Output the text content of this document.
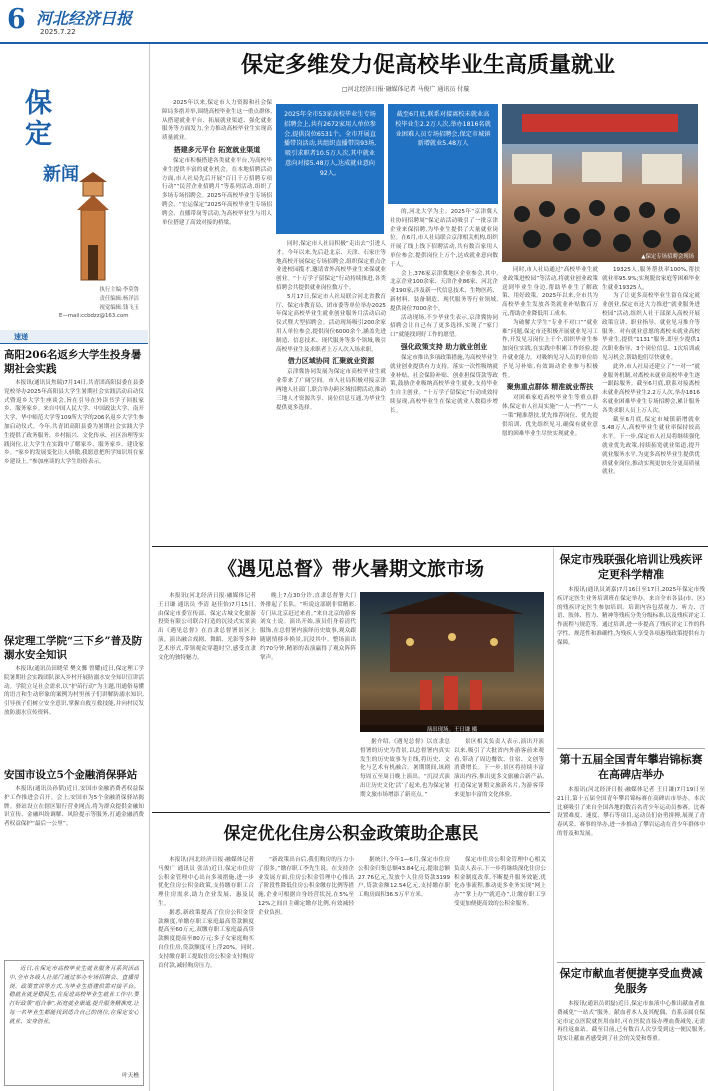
6 河北经济日报
2025.7.22
保
定
新闻
执行主编:李莫鲁
责任编辑:杨洋洁
视觉编辑:钱飞玉
E—mail:ccbdzz@163.com
速递
高阳206名返乡大学生投身暑期社会实践
本报讯(通讯员焦瑞)7月14日,共青团高阳县委在县委党校举办2025年高阳县大学生暑期社会实践活动启动仪式暨返乡大学生座谈会,旨在引导在外读书学子回报家乡、服务家乡。来自中国人民大学、中国政法大学、南开大学、华中师范大学等109所大学的206名返乡大学生参加启动仪式。今年,共青团高阳县委为暑期社会实践大学生提供了政务服务、乡村振兴、文化传承、社区治理等实践岗位,让大学生在实践中了解家乡、服务家乡、建设家乡。“家乡的发展变化让人骄傲,我愿意把所学知识用在家乡建设上。”参加座谈的大学生纷纷表示。
保定理工学院“三下乡”普及防溺水安全知识
本报讯(通讯员田晓荣 樊文馨 曾耀)近日,保定理工学院暑期社会实践团队深入乡村开展防溺水安全知识宣讲活动。学院立足社会需求,以“护苗行动”为主题,用通俗易懂的语言和生动形象的案例为村里孩子们讲解防溺水知识,引导孩子们树立安全意识,掌握自救互救技能,并向村民发放防溺水宣传资料。
安国市设立5个金融消保驿站
本报讯(通讯员孙韬)近日,安国市金融消费者权益保护工作推进会召开。会上,安国市为5个金融消保驿站揭牌。驿站设立在辖区银行营业网点,将为群众提供金融知识宣传、金融纠纷调解、风险提示等服务,打通金融消费者权益保护“最后一公里”。
近日,在保定市高校毕业生就业服务月系列活动中,全市各级人社部门通过举办专场招聘会、直播带岗、政策宣讲等方式,为毕业生搭建供需对接平台。稳就业就是稳民生,在促进高校毕业生就业工作中,要打好政策“组合拳”,拓宽就业渠道,提升服务精准度,让每一名毕业生都能找到适合自己的岗位,在保定安心就业、安身创业。
叶天樵
保定多维发力促高校毕业生高质量就业
□河北经济日报·融媒体记者 马俊广 通讯员 付璇

2025年以来,保定市人力资源和社会保障局多措并举,围绕高校毕业生这一重点群体,从搭建就业平台、拓展就业渠道、强化就业服务等方面发力,全力推动高校毕业生实现高质量就业。

搭建多元平台 拓宽就业渠道

保定市积极搭建各类就业平台,为高校毕业生提供丰富的就业机会。在本地招聘活动方面,市人社局先后开展“百日千万招聘专项行动”“民营企业招聘月”等系列活动,组织了多场专场招聘会。2025年高校毕业生专场招聘会、“宏运保定”2025年高校毕业生专场招聘会、直播带岗等活动,为高校毕业生与用人单位搭建了高效对接的桥梁。

2025年全市53家高校毕业生专场招聘会上,共有2672家用人单位参会,提供岗位6531个。全市开展直播带岗活动,共组织直播带岗93场,吸引求职者10.5万人次,其中就业意向对接5.48万人,达成就业意向92人。
截至6月底,联系对接离校未就业高校毕业生2.2万人次,举办1816名就业困难人员专场招聘会,保定市城镇新增就业5.48万人
▲保定专场招聘会现场

同时,保定市人社局积极“走出去”引进人才。今年以来,先后赴北京、天津、石家庄等地高校开展保定专场招聘会,组织保定重点企业进校园揽才,邀请省外高校毕业生来保就业创业。“十万学子留保定”行动持续推进,各类招聘会共提供就业岗位数万个。

5月17日,保定市人社局联合河北省教育厅、保定市教育局、团市委等单位举办2025年保定高校毕业生就业创业服务月活动启动仪式暨大型招聘会。活动现场吸引200余家用人单位参会,提供岗位6000余个,涵盖先进制造、信息技术、现代服务等多个领域,吸引高校毕业生及求职者上万人次入场求职。

借力区域协同 汇聚就业资源

京津冀协同发展为保定市高校毕业生就业带来了广阔空间。市人社局积极对接京津两地人社部门,联合举办跨区域招聘活动,推动三地人才资源共享、岗位信息互通,为毕业生提供更多选择。

的,河北大学为主。2025年“京津冀人社协同招聘周”保定站活动吸引了一批京津企业来保招聘,为毕业生提供了大量就业岗位。在6月,市人社局联合京津相关机构,组织开展了线上线下招聘活动,共有数百家用人单位参会,提供岗位上万个,达成就业意向数千人。

会上,376家京津冀地区企业参会,其中,北京企业100余家、天津企业86家、河北企业190家,涉及新一代信息技术、生物医药、新材料、装备制造、现代服务等行业领域,提供岗位7000余个。

活动现场,不少毕业生表示,京津冀协同招聘会让自己有了更多选择,实现了“家门口”就能找到好工作的愿望。

强化政策支持 助力就业创业

保定市推出多项政策措施,为高校毕业生就业创业提供有力支持。落实一次性吸纳就业补贴、社会保险补贴、创业担保贷款等政策,鼓励企业吸纳高校毕业生就业,支持毕业生自主创业。“十万学子留保定”行动成效持续显现,高校毕业生在保定就业人数稳步增长。

同时,市人社局通过“高校毕业生就业政策进校园”等活动,将就业创业政策送到毕业生身边,帮助毕业生了解政策、用好政策。2025年以来,全市共为高校毕业生发放各类就业补贴数百万元,帮助企业降低用工成本。

为破解大学生“专业不对口”“就业难”问题,保定市还积极开展就业见习工作,开发见习岗位上千个,组织毕业生参加岗位实践,在实践中积累工作经验,提升就业能力。对吸纳见习人员的单位给予见习补贴,有效调动企业参与积极性。

聚焦重点群体 精准就业帮扶

对困难家庭高校毕业生等重点群体,保定市人社局实施“一人一档”“一人一策”精准帮扶,优先推荐岗位、优先提供培训、优先组织见习,确保有就业意愿的困难毕业生尽快实现就业。

19325人,服务帮扶率100%,帮扶就业率95.9%;实现脱贫家庭等困难毕业生就业19325人。

为了让更多高校毕业生留在保定就业创业,保定市还大力推进“就业服务进校园”活动,组织人社干部深入高校开展政策宣讲、职业指导、就业见习推介等服务。对有就业意愿的离校未就业高校毕业生,提供“1131”服务,即至少提供1次职业指导、3个岗位信息、1次培训或见习机会,帮助他们尽快就业。

此外,市人社局还建立了“一对一”就业服务机制,对离校未就业高校毕业生逐一跟踪服务。截至6月底,联系对接离校未就业高校毕业生2.2万人次,举办1816名就业困难毕业生专场招聘会,累计服务各类求职人员上万人次。

截至6月底,保定市城镇新增就业5.48万人,高校毕业生就业率保持较高水平。下一步,保定市人社局将继续强化就业优先政策,持续拓宽就业渠道,提升就业服务水平,为更多高校毕业生提供优质就业岗位,推动实现更加充分更高质量就业。

《遇见总督》带火暑期文旅市场
本报讯(河北经济日报·融媒体记者 王日谦 通讯员 李清 赵佳怡)7月15日,由保定市委宣传部、保定古城文化旅游投资有限公司联合打造的沉浸式实景演出《遇见总督》在直隶总督署景区上演。演出融合戏剧、舞蹈、光影等多种艺术形式,带领观众穿越时空,感受直隶文化的独特魅力。
晚上7点30分许,直隶总督署大门外排起了长队。“听说这部剧非常精彩,专门从北京赶过来看。”来自北京的游客刘女士说。演出开始,演员们身着清代服饰,在总督署内演绎历史故事,观众跟随剧情移步换景,沉浸其中。整场演出约70分钟,精彩的表演赢得了观众阵阵掌声。
演出现场。王日谦 摄
据介绍,《遇见总督》以直隶总督署的历史为背景,以总督署内真实发生的历史故事为主线,将历史、文化与艺术有机融合。暑期期间,该剧每周五至周日晚上演出。“沉浸式演出让历史文化‘活’了起来,也为保定暑期文旅市场增添了新亮点。”
景区相关负责人表示,演出开演以来,吸引了大批省内外游客前来观看,带动了周边餐饮、住宿、文创等消费增长。下一步,景区将持续丰富演出内容,推出更多文旅融合新产品,打造保定暑期文旅新名片,为游客带来更加丰富的文化体验。
保定优化住房公积金政策助企惠民

本报讯(河北经济日报·融媒体记者 马俊广 通讯员 张洁)近日,保定市住房公积金管理中心出台多项措施,进一步优化住房公积金政策,支持缴存职工合理住房需求,助力企业发展、惠及民生。

据悉,新政策提高了住房公积金贷款额度,单缴存职工家庭最高贷款额度提高至60万元,双缴存职工家庭最高贷款额度提高至80万元;多子女家庭购买自住住房,贷款额度可上浮20%。同时,支持缴存职工提取住房公积金支付购房首付款,减轻购房压力。

“新政策出台后,我们购房的压力小了很多。”缴存职工李先生说。在支持企业发展方面,住房公积金管理中心推出了阶段性降低住房公积金缴存比例等措施,企业可根据自身经营状况,在5%至12%之间自主确定缴存比例,有效减轻企业负担。
据统计,今年1—6月,保定市住房公积金归集总额43.84亿元,提取总额27.76亿元,发放个人住房贷款3199户,贷款金额12.54亿元,支持缴存职工购房面积36.5万平方米。
保定市住房公积金管理中心相关负责人表示,下一步将继续深化住房公积金制度改革,不断提升服务效能,优化办事流程,推动更多业务实现“网上办”“掌上办”“就近办”,让缴存职工享受更加便捷高效的公积金服务。
保定市残联强化培训让残疾评定更科学精准
本报讯(通讯员刘嘉)7月16日至17日,2025年保定市残疾评定医生业务培训班在保定举办。来自全市各县(市、区)的残疾评定医生参加培训。培训内容包括视力、听力、言语、肢体、智力、精神等残疾分类分级标准,以及残疾评定工作流程与规范等。通过培训,进一步提高了残疾评定工作的科学性、规范性和准确性,为残疾人享受各项惠残政策提供有力保障。
第十五届全国青年攀岩锦标赛在高碑店举办
本报讯(河北经济日报·融媒体记者 王日谦)7月19日至21日,第十五届全国青年攀岩锦标赛在高碑店市举办。本次比赛吸引了来自全国各地的数百名青少年运动员参赛。比赛设置难度、速度、攀石等项目,运动员们奋勇拼搏,展现了青春风采。赛事的举办,进一步推动了攀岩运动在青少年群体中的普及和发展。
保定市献血者便捷享受血费减免服务
本报讯(通讯员胡磊)近日,保定市血液中心推出献血者血费减免“一站式”服务。献血者本人及其配偶、直系亲属在保定市定点医院就医用血时,可在医院直接办理血费减免,无需再往返血站。截至目前,已有数百人次享受到这一便民服务,切实让献血者感受到了社会的关爱和尊重。
